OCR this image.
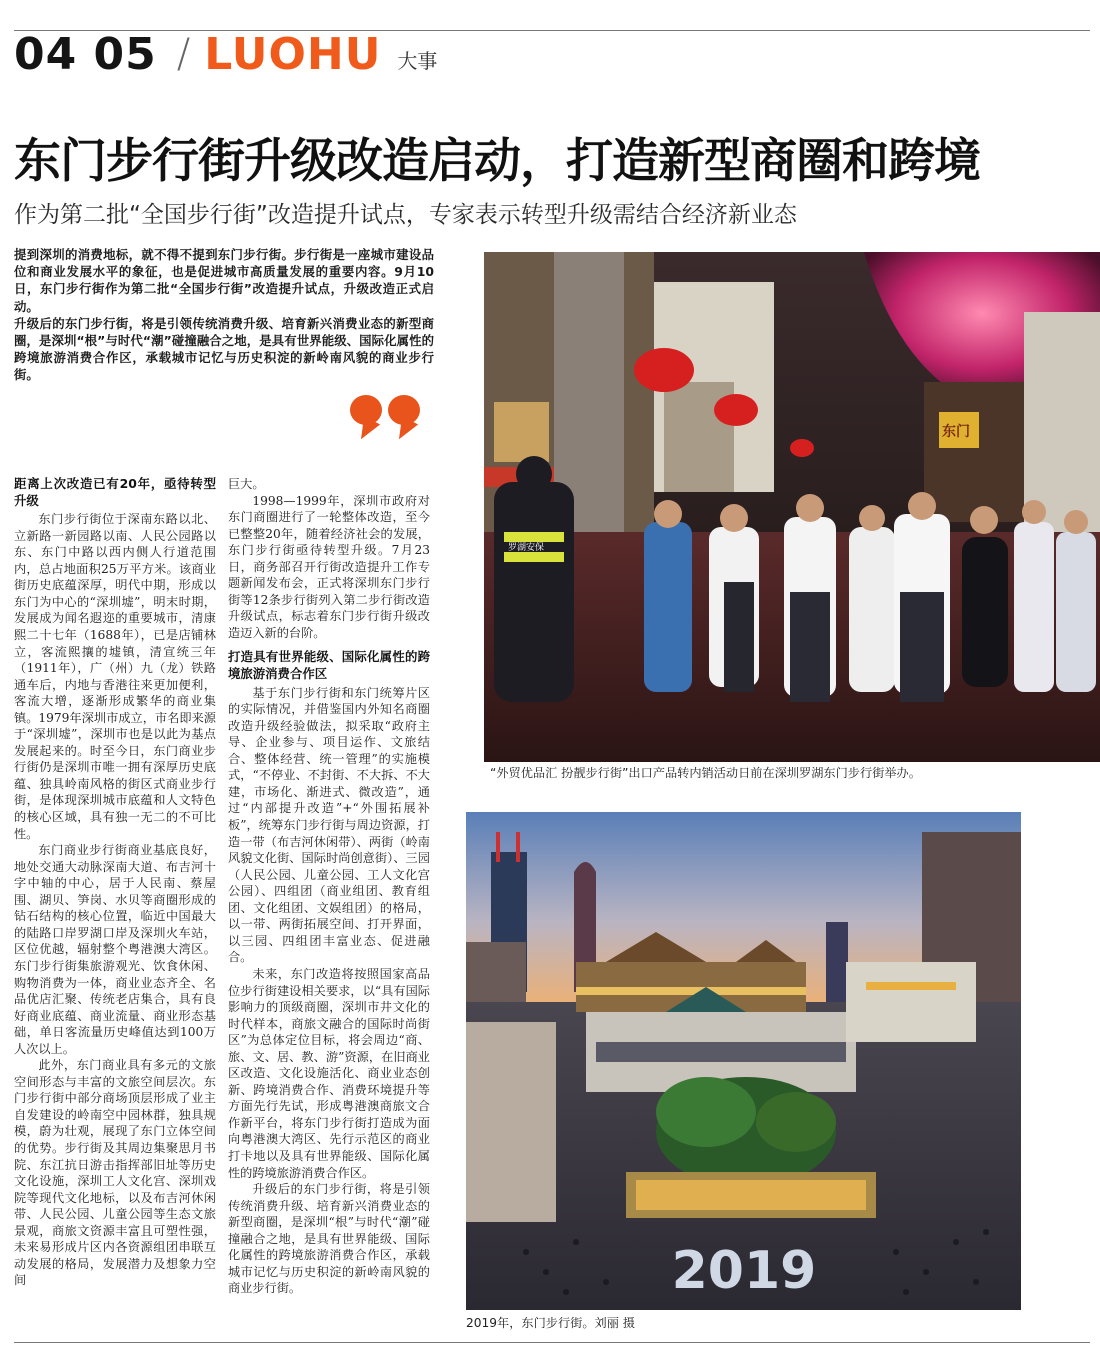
04 05 / LUOHU 大事
东门步行街升级改造启动，打造新型商圈和跨境
作为第二批“全国步行街”改造提升试点，专家表示转型升级需结合经济新业态

提到深圳的消费地标，就不得不提到东门步行街。步行街是一座城市建设品位和商业发展水平的象征，也是促进城市高质量发展的重要内容。9月10日，东门步行街作为第二批“全国步行街”改造提升试点，升级改造正式启动。

升级后的东门步行街，将是引领传统消费升级、培育新兴消费业态的新型商圈，是深圳“根”与时代“潮”碰撞融合之地，是具有世界能级、国际化属性的跨境旅游消费合作区，承载城市记忆与历史积淀的新岭南风貌的商业步行街。

距离上次改造已有20年，亟待转型升级

东门步行街位于深南东路以北、立新路一新园路以南、人民公园路以东、东门中路以西内侧人行道范围内，总占地面积25万平方米。该商业街历史底蕴深厚，明代中期，形成以东门为中心的“深圳墟”，明末时期，发展成为闻名遐迩的重要城市，清康熙二十七年（1688年），已是店铺林立，客流熙攘的墟镇，清宣统三年（1911年），广（州）九（龙）铁路通车后，内地与香港往来更加便利，客流大增，逐渐形成繁华的商业集镇。1979年深圳市成立，市名即来源于“深圳墟”，深圳市也是以此为基点发展起来的。时至今日，东门商业步行街仍是深圳市唯一拥有深厚历史底蕴、独具岭南风格的街区式商业步行街，是体现深圳城市底蕴和人文特色的核心区域，具有独一无二的不可比性。

东门商业步行街商业基底良好，地处交通大动脉深南大道、布吉河十字中轴的中心，居于人民南、蔡屋围、湖贝、笋岗、水贝等商圈形成的钻石结构的核心位置，临近中国最大的陆路口岸罗湖口岸及深圳火车站，区位优越，辐射整个粤港澳大湾区。东门步行街集旅游观光、饮食休闲、购物消费为一体，商业业态齐全、名品优店汇聚、传统老店集合，具有良好商业底蕴、商业流量、商业形态基础，单日客流量历史峰值达到100万人次以上。

此外，东门商业具有多元的文旅空间形态与丰富的文旅空间层次。东门步行街中部分商场顶层形成了业主自发建设的岭南空中园林群，独具规模，蔚为壮观，展现了东门立体空间的优势。步行街及其周边集聚思月书院、东江抗日游击指挥部旧址等历史文化设施，深圳工人文化宫、深圳戏院等现代文化地标，以及布吉河休闲带、人民公园、儿童公园等生态文旅景观，商旅文资源丰富且可塑性强，未来易形成片区内各资源组团串联互动发展的格局，发展潜力及想象力空间

巨大。

1998—1999年，深圳市政府对东门商圈进行了一轮整体改造，至今已整整20年，随着经济社会的发展，东门步行街亟待转型升级。7月23日，商务部召开行街改造提升工作专题新闻发布会，正式将深圳东门步行街等12条步行街列入第二步行街改造升级试点，标志着东门步行街升级改造迈入新的台阶。

打造具有世界能级、国际化属性的跨境旅游消费合作区

基于东门步行街和东门统筹片区的实际情况，并借鉴国内外知名商圈改造升级经验做法，拟采取“政府主导、企业参与、项目运作、文旅结合、整体经营、统一管理”的实施模式，“不停业、不封街、不大拆、不大建，市场化、渐进式、微改造”，通过“内部提升改造”+“外围拓展补板”，统筹东门步行街与周边资源，打造一带（布吉河休闲带）、两街（岭南风貌文化街、国际时尚创意街）、三园（人民公园、儿童公园、工人文化宫公园）、四组团（商业组团、教育组团、文化组团、文娱组团）的格局，以一带、两街拓展空间、打开界面，以三园、四组团丰富业态、促进融合。

未来，东门改造将按照国家高品位步行街建设相关要求，以“具有国际影响力的顶级商圈，深圳市井文化的时代样本，商旅文融合的国际时尚街区”为总体定位目标，将会周边“商、旅、文、居、教、游”资源，在旧商业区改造、文化设施活化、商业业态创新、跨境消费合作、消费环境提升等方面先行先试，形成粤港澳商旅文合作新平台，将东门步行街打造成为面向粤港澳大湾区、先行示范区的商业打卡地以及具有世界能级、国际化属性的跨境旅游消费合作区。

升级后的东门步行街，将是引领传统消费升级、培育新兴消费业态的新型商圈，是深圳“根”与时代“潮”碰撞融合之地，是具有世界能级、国际化属性的跨境旅游消费合作区，承载城市记忆与历史积淀的新岭南风貌的商业步行街。

罗湖安保
东门
“外贸优品汇 扮靓步行街”出口产品转内销活动日前在深圳罗湖东门步行街举办。
2019
2019年，东门步行街。刘丽 摄
